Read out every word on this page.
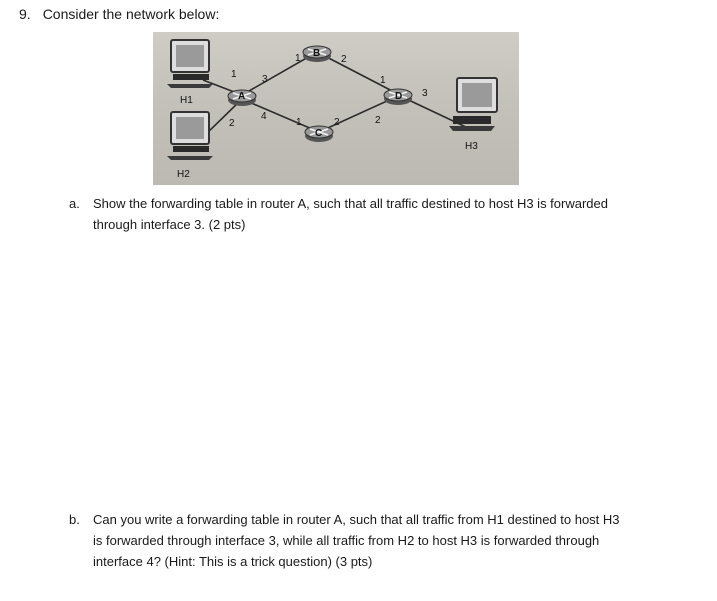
9. Consider the network below:
H1
H2
H3
A
B
C
D
1	3
2
4
1	2
1	2
1
2
3
a. Show the forwarding table in router A, such that all traffic destined to host H3 is forwarded
through interface 3. (2 pts)
b. Can you write a forwarding table in router A, such that all traffic from H1 destined to host H3
is forwarded through interface 3, while all traffic from H2 to host H3 is forwarded through
interface 4? (Hint: This is a trick question) (3 pts)
